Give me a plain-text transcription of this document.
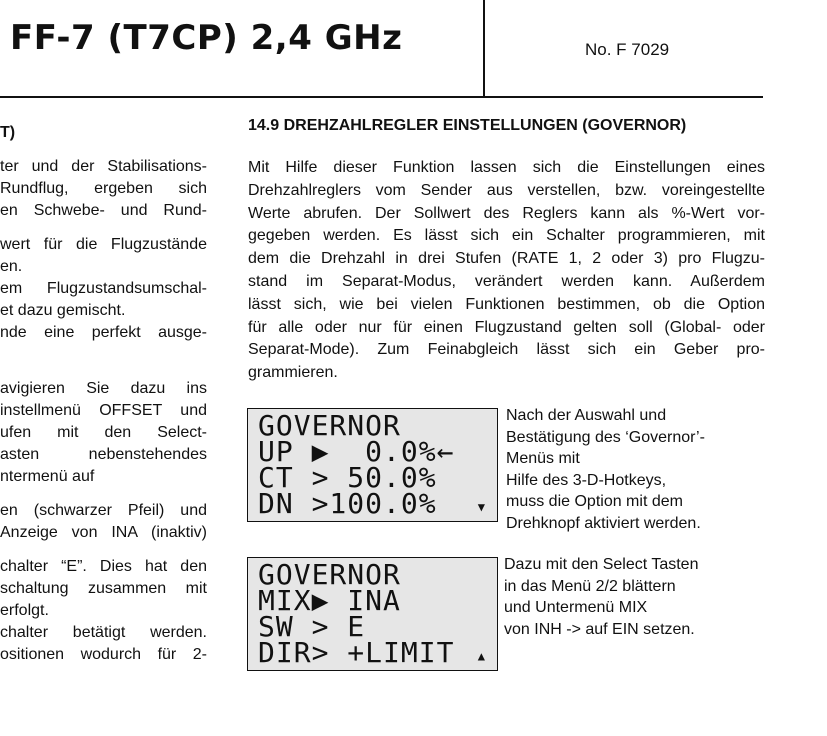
FF-7 (T7CP) 2,4 GHz	No. F 7029
T)
ter und der Stabilisations-
Rundflug, ergeben sich
en Schwebe- und Rund-
wert für die Flugzustände
en.
em Flugzustandsumschal-
et dazu gemischt.
nde eine perfekt ausge-
avigieren Sie dazu ins
instellmenü OFFSET und
ufen mit den Select-
asten nebenstehendes
ntermenü auf
en (schwarzer Pfeil) und
Anzeige von INA (inaktiv)
chalter “E”. Dies hat den
schaltung zusammen mit
erfolgt.
chalter betätigt werden.
ositionen wodurch für 2-
14.9 DREHZAHLREGLER EINSTELLUNGEN (GOVERNOR)
Mit Hilfe dieser Funktion lassen sich die Einstellungen eines
Drehzahlreglers vom Sender aus verstellen, bzw. voreingestellte
Werte abrufen. Der Sollwert des Reglers kann als %-Wert vor-
gegeben werden. Es lässt sich ein Schalter programmieren, mit
dem die Drehzahl in drei Stufen (RATE 1, 2 oder 3) pro Flugzu-
stand im Separat-Modus, verändert werden kann. Außerdem
lässt sich, wie bei vielen Funktionen bestimmen, ob die Option
für alle oder nur für einen Flugzustand gelten soll (Global- oder
Separat-Mode). Zum Feinabgleich lässt sich ein Geber pro-
grammieren.
GOVERNOR
UP ▶  0.0%←
CT > 50.0%
DN >100.0%	▼
Nach der Auswahl und
Bestätigung des ‘Governor’-
Menüs mit
Hilfe des 3-D-Hotkeys,
muss die Option mit dem
Drehknopf aktiviert werden.
GOVERNOR
MIX▶ INA
SW > E
DIR> +LIMIT ▲
Dazu mit den Select Tasten
in das Menü 2/2 blättern
und Untermenü MIX
von INH -> auf EIN setzen.
